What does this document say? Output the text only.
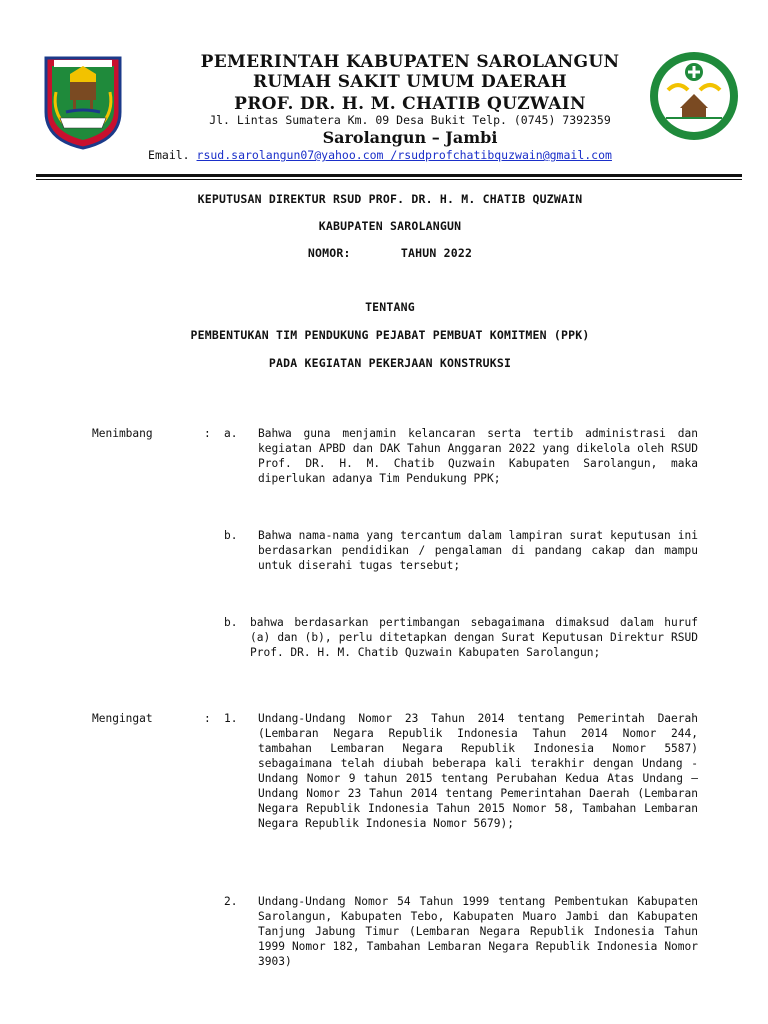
PEMERINTAH KABUPATEN SAROLANGUN
RUMAH SAKIT UMUM DAERAH
PROF. DR. H. M. CHATIB QUZWAIN
Jl. Lintas Sumatera Km. 09 Desa Bukit Telp. (0745) 7392359
Sarolangun – Jambi
Email. rsud.sarolangun07@yahoo.com /rsudprofchatibquzwain@gmail.com
KEPUTUSAN DIREKTUR RSUD PROF. DR. H. M. CHATIB QUZWAIN
KABUPATEN SAROLANGUN
NOMOR:	TAHUN 2022
TENTANG
PEMBENTUKAN TIM PENDUKUNG PEJABAT PEMBUAT KOMITMEN (PPK)
PADA KEGIATAN PEKERJAAN KONSTRUKSI
Menimbang	: a. Bahwa guna menjamin kelancaran serta tertib administrasi dan kegiatan APBD dan DAK Tahun Anggaran 2022 yang dikelola oleh RSUD Prof. DR. H. M. Chatib Quzwain Kabupaten Sarolangun, maka diperlukan adanya Tim Pendukung PPK;
b. Bahwa nama-nama yang tercantum dalam lampiran surat keputusan ini berdasarkan pendidikan / pengalaman di pandang cakap dan mampu untuk diserahi tugas tersebut;
b. bahwa berdasarkan pertimbangan sebagaimana dimaksud dalam huruf (a) dan (b), perlu ditetapkan dengan Surat Keputusan Direktur RSUD Prof. DR. H. M. Chatib Quzwain Kabupaten Sarolangun;
Mengingat	: 1. Undang-Undang Nomor 23 Tahun 2014 tentang Pemerintah Daerah (Lembaran Negara Republik Indonesia Tahun 2014 Nomor 244, tambahan Lembaran Negara Republik Indonesia Nomor 5587) sebagaimana telah diubah beberapa kali terakhir dengan Undang - Undang Nomor 9 tahun 2015 tentang Perubahan Kedua Atas Undang – Undang Nomor 23 Tahun 2014 tentang Pemerintahan Daerah (Lembaran Negara Republik Indonesia Tahun 2015 Nomor 58, Tambahan Lembaran Negara Republik Indonesia Nomor 5679);
2. Undang-Undang Nomor 54 Tahun 1999 tentang Pembentukan Kabupaten Sarolangun, Kabupaten Tebo, Kabupaten Muaro Jambi dan Kabupaten Tanjung Jabung Timur (Lembaran Negara Republik Indonesia Tahun 1999 Nomor 182, Tambahan Lembaran Negara Republik Indonesia Nomor 3903)
